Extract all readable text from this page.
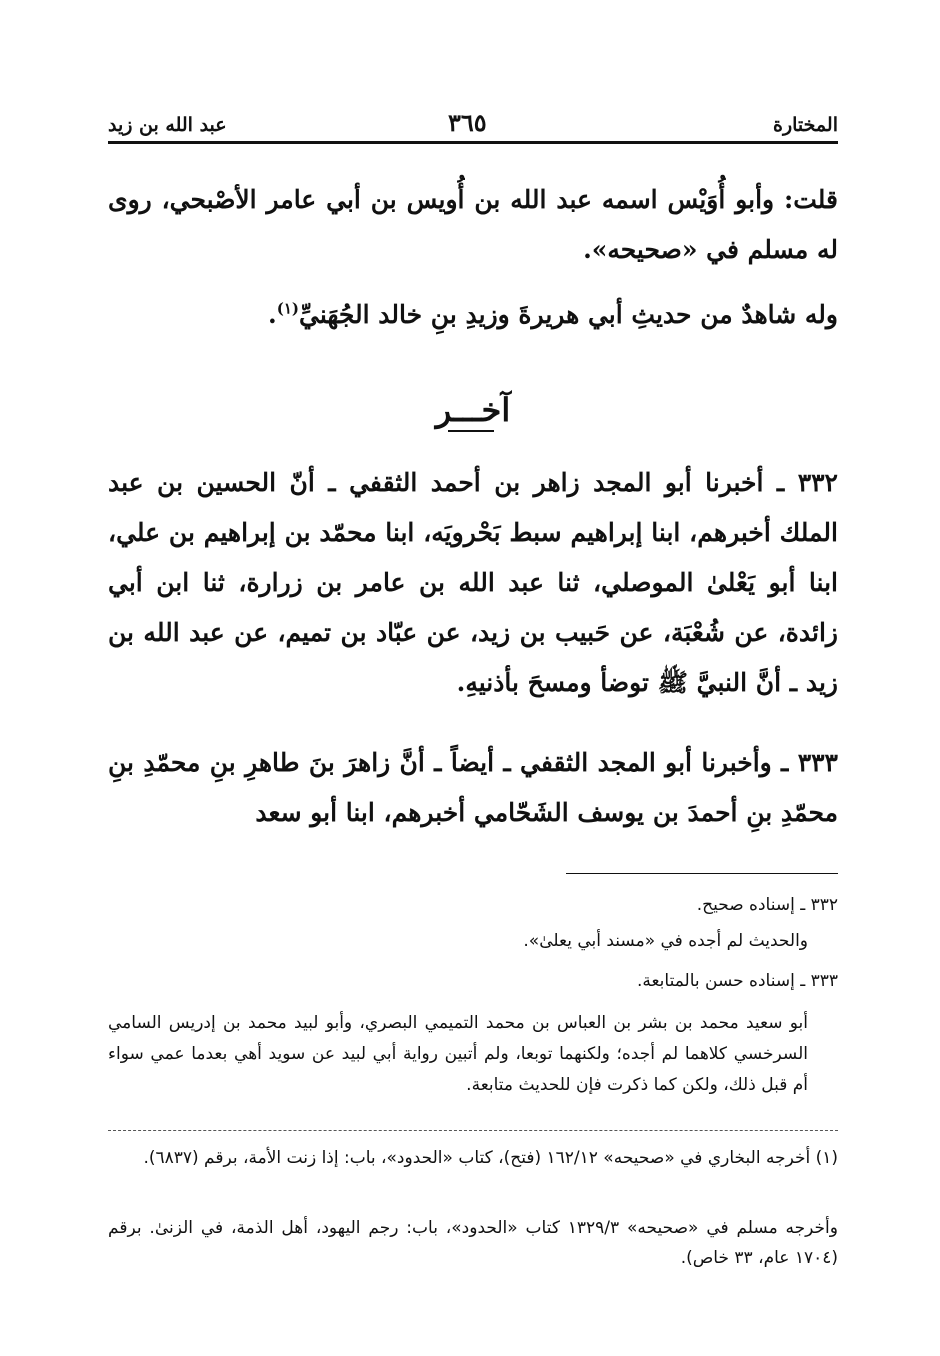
المختارة
٣٦٥
عبد الله بن زيد
قلت: وأبو أُوَيْس اسمه عبد الله بن أُويس بن أبي عامر الأصْبحي، روى له مسلم في «صحيحه».
وله شاهدٌ من حديثِ أبي هريرةَ وزيدِ بنِ خالد الجُهَنيِّ$^{(١)}$.
آخـــر
٣٣٢ ـ أخبرنا أبو المجد زاهر بن أحمد الثقفي ـ أنّ الحسين بن عبد الملك أخبرهم، ابنا إبراهيم سبط بَحْرويَه، ابنا محمّد بن إبراهيم بن علي، ابنا أبو يَعْلىٰ الموصلي، ثنا عبد الله بن عامر بن زرارة، ثنا ابن أبي زائدة، عن شُعْبَة، عن حَبيب بن زيد، عن عبّاد بن تميم، عن عبد الله بن زيد ـ أنَّ النبيَّ ﷺ توضأ ومسحَ بأذنيهِ.
٣٣٣ ـ وأخبرنا أبو المجد الثقفي ـ أيضاً ـ أنَّ زاهرَ بنَ طاهرِ بنِ محمّدِ بنِ محمّدِ بنِ أحمدَ بن يوسف الشَحّامي أخبرهم، ابنا أبو سعد
٣٣٢ ـ إسناده صحيح.
والحديث لم أجده في «مسند أبي يعلىٰ».
٣٣٣ ـ إسناده حسن بالمتابعة.
أبو سعيد محمد بن بشر بن العباس بن محمد التميمي البصري، وأبو لبيد محمد بن إدريس السامي السرخسي كلاهما لم أجده؛ ولكنهما توبعا، ولم أتبين رواية أبي لبيد عن سويد أهي بعدما عمي سواء أم قبل ذلك، ولكن كما ذكرت فإن للحديث متابعة.
(١) أخرجه البخاري في «صحيحه» ١٦٢/١٢ (فتح)، كتاب «الحدود»، باب: إذا زنت الأمة، برقم (٦٨٣٧).
وأخرجه مسلم في «صحيحه» ١٣٢٩/٣ كتاب «الحدود»، باب: رجم اليهود، أهل الذمة، في الزنىٰ. برقم (١٧٠٤ عام، ٣٣ خاص).
